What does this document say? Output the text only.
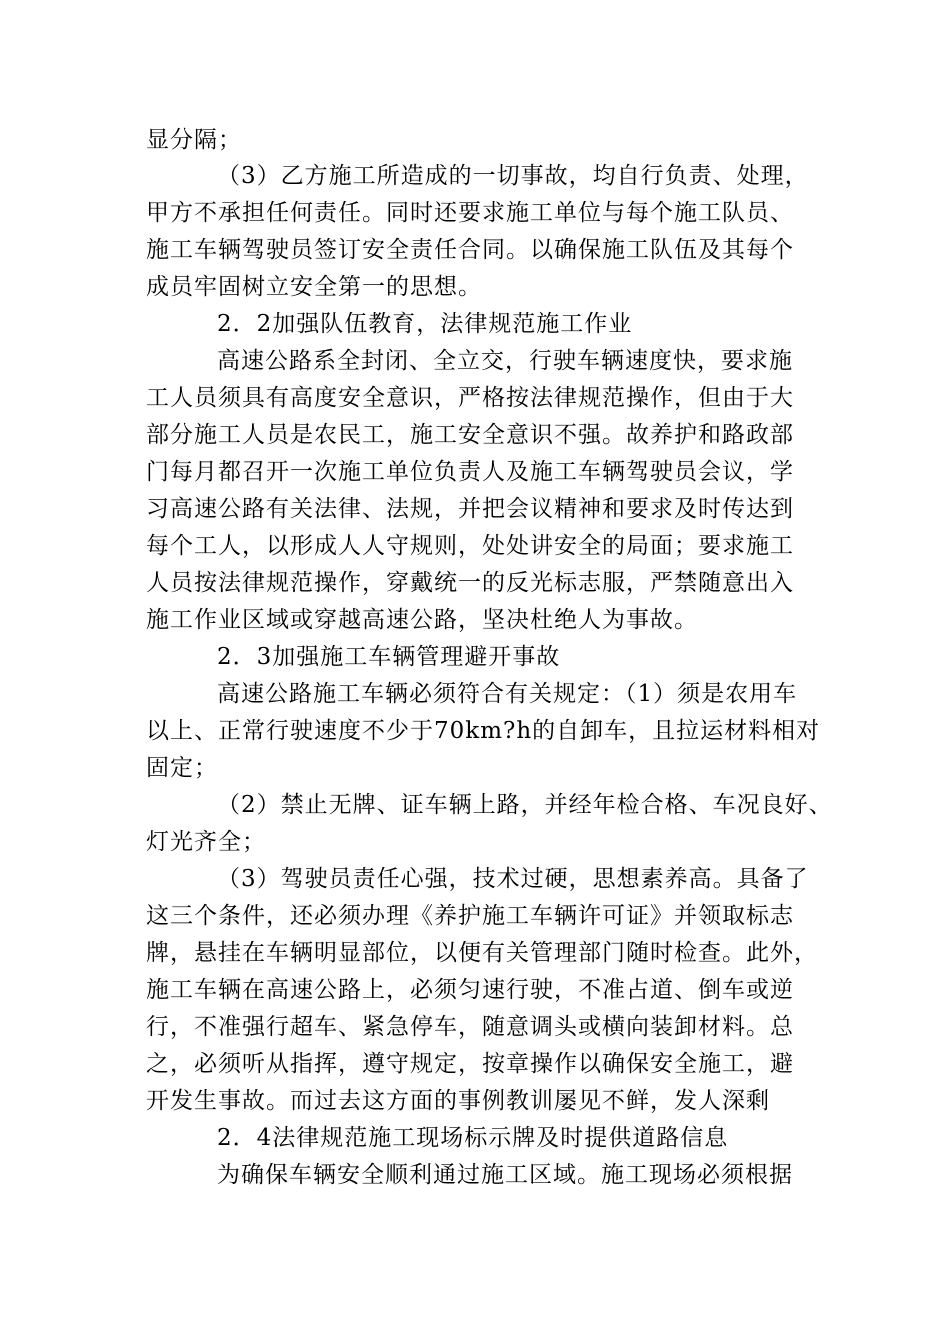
显分隔；
（3）乙方施工所造成的一切事故，均自行负责、处理，
甲方不承担任何责任。同时还要求施工单位与每个施工队员、
施工车辆驾驶员签订安全责任合同。以确保施工队伍及其每个
成员牢固树立安全第一的思想。
2．2加强队伍教育，法律规范施工作业
高速公路系全封闭、全立交，行驶车辆速度快，要求施
工人员须具有高度安全意识，严格按法律规范操作，但由于大
部分施工人员是农民工，施工安全意识不强。故养护和路政部
门每月都召开一次施工单位负责人及施工车辆驾驶员会议，学
习高速公路有关法律、法规，并把会议精神和要求及时传达到
每个工人，以形成人人守规则，处处讲安全的局面；要求施工
人员按法律规范操作，穿戴统一的反光标志服，严禁随意出入
施工作业区域或穿越高速公路，坚决杜绝人为事故。
2．3加强施工车辆管理避开事故
高速公路施工车辆必须符合有关规定：（1）须是农用车
以上、正常行驶速度不少于70km?h的自卸车，且拉运材料相对
固定；
（2）禁止无牌、证车辆上路，并经年检合格、车况良好、
灯光齐全；
（3）驾驶员责任心强，技术过硬，思想素养高。具备了
这三个条件，还必须办理《养护施工车辆许可证》并领取标志
牌，悬挂在车辆明显部位，以便有关管理部门随时检查。此外，
施工车辆在高速公路上，必须匀速行驶，不准占道、倒车或逆
行，不准强行超车、紧急停车，随意调头或横向装卸材料。总
之，必须听从指挥，遵守规定，按章操作以确保安全施工，避
开发生事故。而过去这方面的事例教训屡见不鲜，发人深剩
2．4法律规范施工现场标示牌及时提供道路信息
为确保车辆安全顺利通过施工区域。施工现场必须根据
